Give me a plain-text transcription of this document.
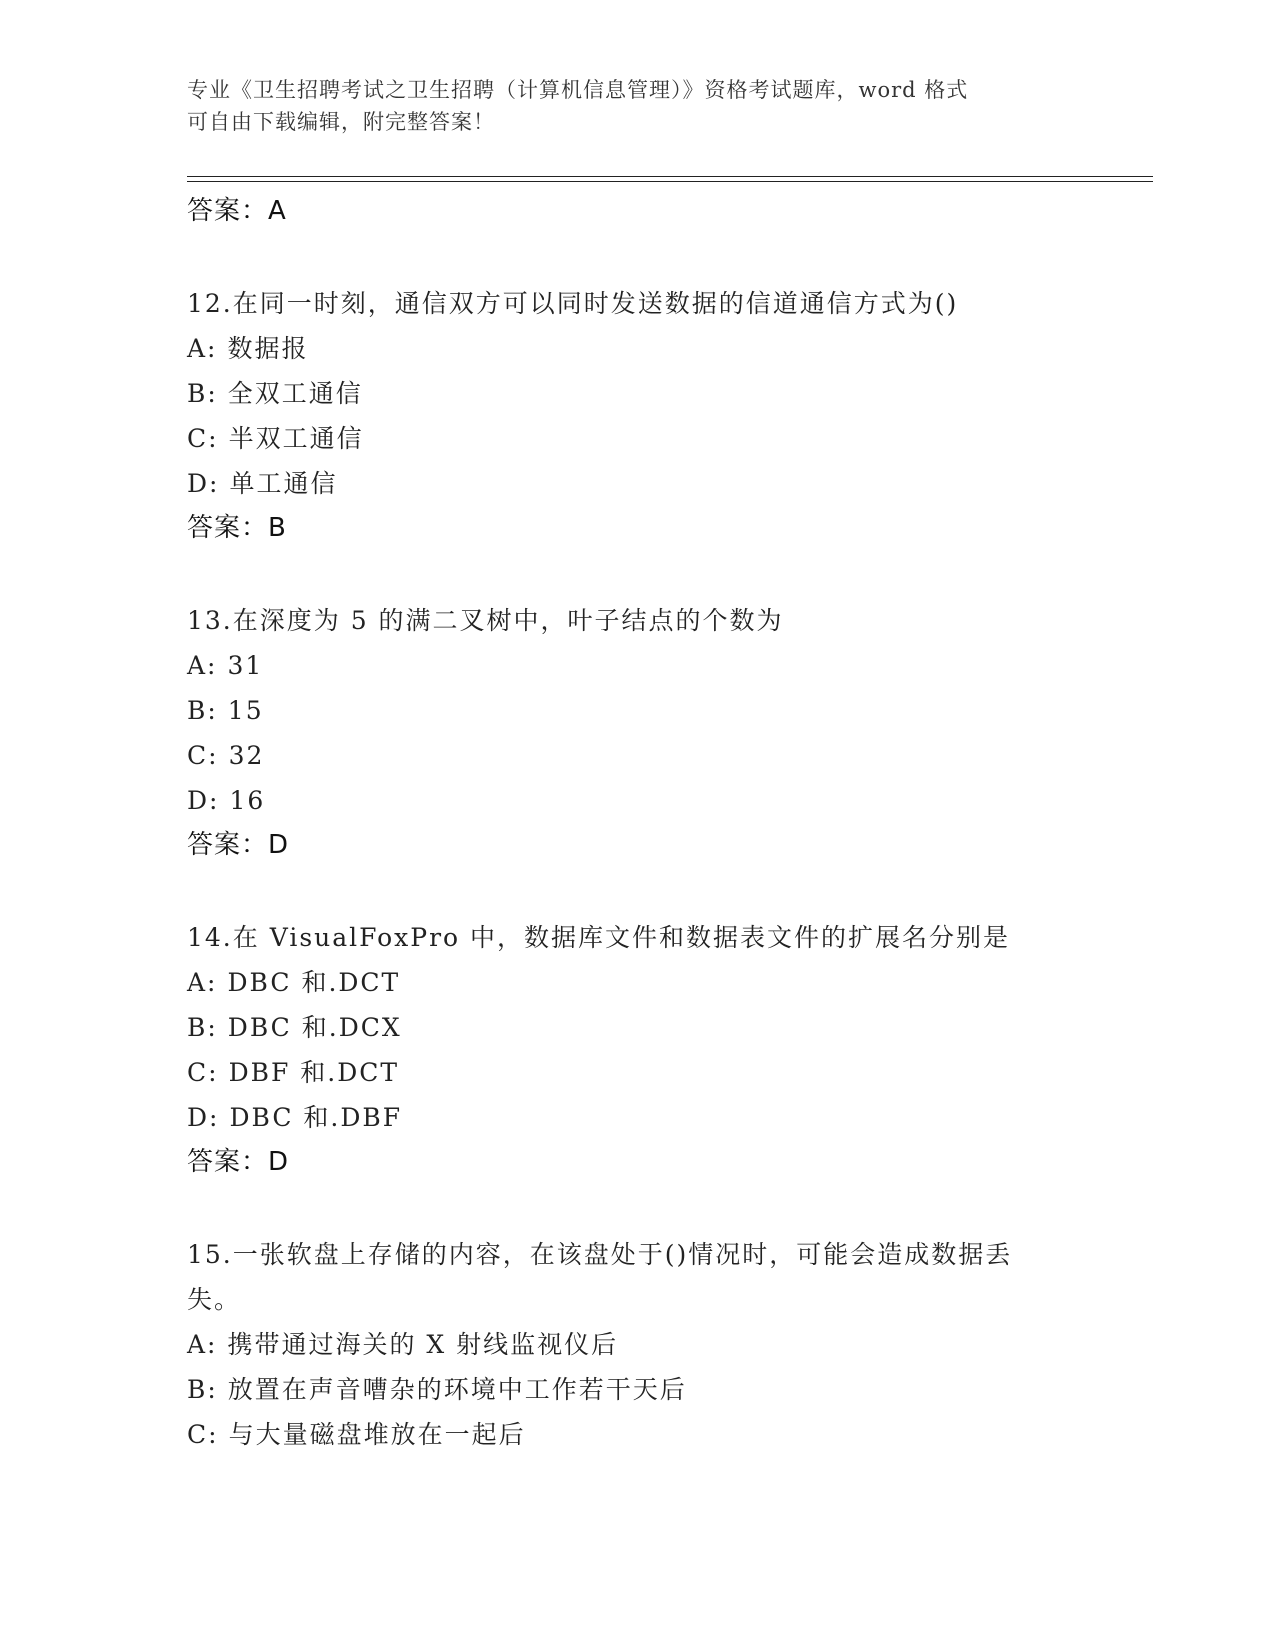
专业《卫生招聘考试之卫生招聘（计算机信息管理）》资格考试题库，word 格式
可自由下载编辑，附完整答案！
答案：A
12.在同一时刻，通信双方可以同时发送数据的信道通信方式为()
A: 数据报
B: 全双工通信
C: 半双工通信
D: 单工通信
答案：B
13.在深度为 5 的满二叉树中，叶子结点的个数为
A: 31
B: 15
C: 32
D: 16
答案：D
14.在 VisualFoxPro 中，数据库文件和数据表文件的扩展名分别是
A: DBC 和.DCT
B: DBC 和.DCX
C: DBF 和.DCT
D: DBC 和.DBF
答案：D
15.一张软盘上存储的内容，在该盘处于()情况时，可能会造成数据丢
失。
A: 携带通过海关的 X 射线监视仪后
B: 放置在声音嘈杂的环境中工作若干天后
C: 与大量磁盘堆放在一起后
